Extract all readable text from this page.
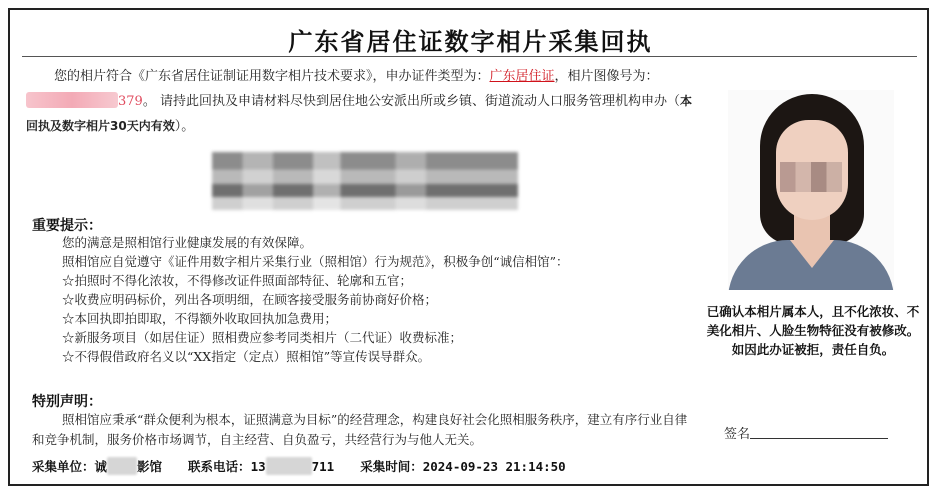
广东省居住证数字相片采集回执

您的相片符合《广东省居住证制证用数字相片技术要求》，申办证件类型为：广东居住证，相片图像号为：379。 请持此回执及申请材料尽快到居住地公安派出所或乡镇、街道流动人口服务管理机构申办（本回执及数字相片30天内有效）。

重要提示：
您的满意是照相馆行业健康发展的有效保障。
照相馆应自觉遵守《证件用数字相片采集行业（照相馆）行为规范》，积极争创“诚信相馆”：
☆拍照时不得化浓妆，不得修改证件照面部特征、轮廓和五官；
☆收费应明码标价，列出各项明细，在顾客接受服务前协商好价格；
☆本回执即拍即取，不得额外收取回执加急费用；
☆新服务项目（如居住证）照相费应参考同类相片（二代证）收费标准；
☆不得假借政府名义以“XX指定（定点）照相馆”等宣传误导群众。
特别声明：

照相馆应秉承“群众便利为根本，证照满意为目标”的经营理念，构建良好社会化照相服务秩序，建立有序行业自律和竞争机制，服务价格市场调节，自主经营、自负盈亏，共经营行为与他人无关。

采集单位：诚 影馆 联系电话：13	711 采集时间：2024-09-23 21:14:50
已确认本相片属本人，且不化浓妆、不美化相片、人脸生物特征没有被修改。如因此办证被拒，责任自负。
签名
